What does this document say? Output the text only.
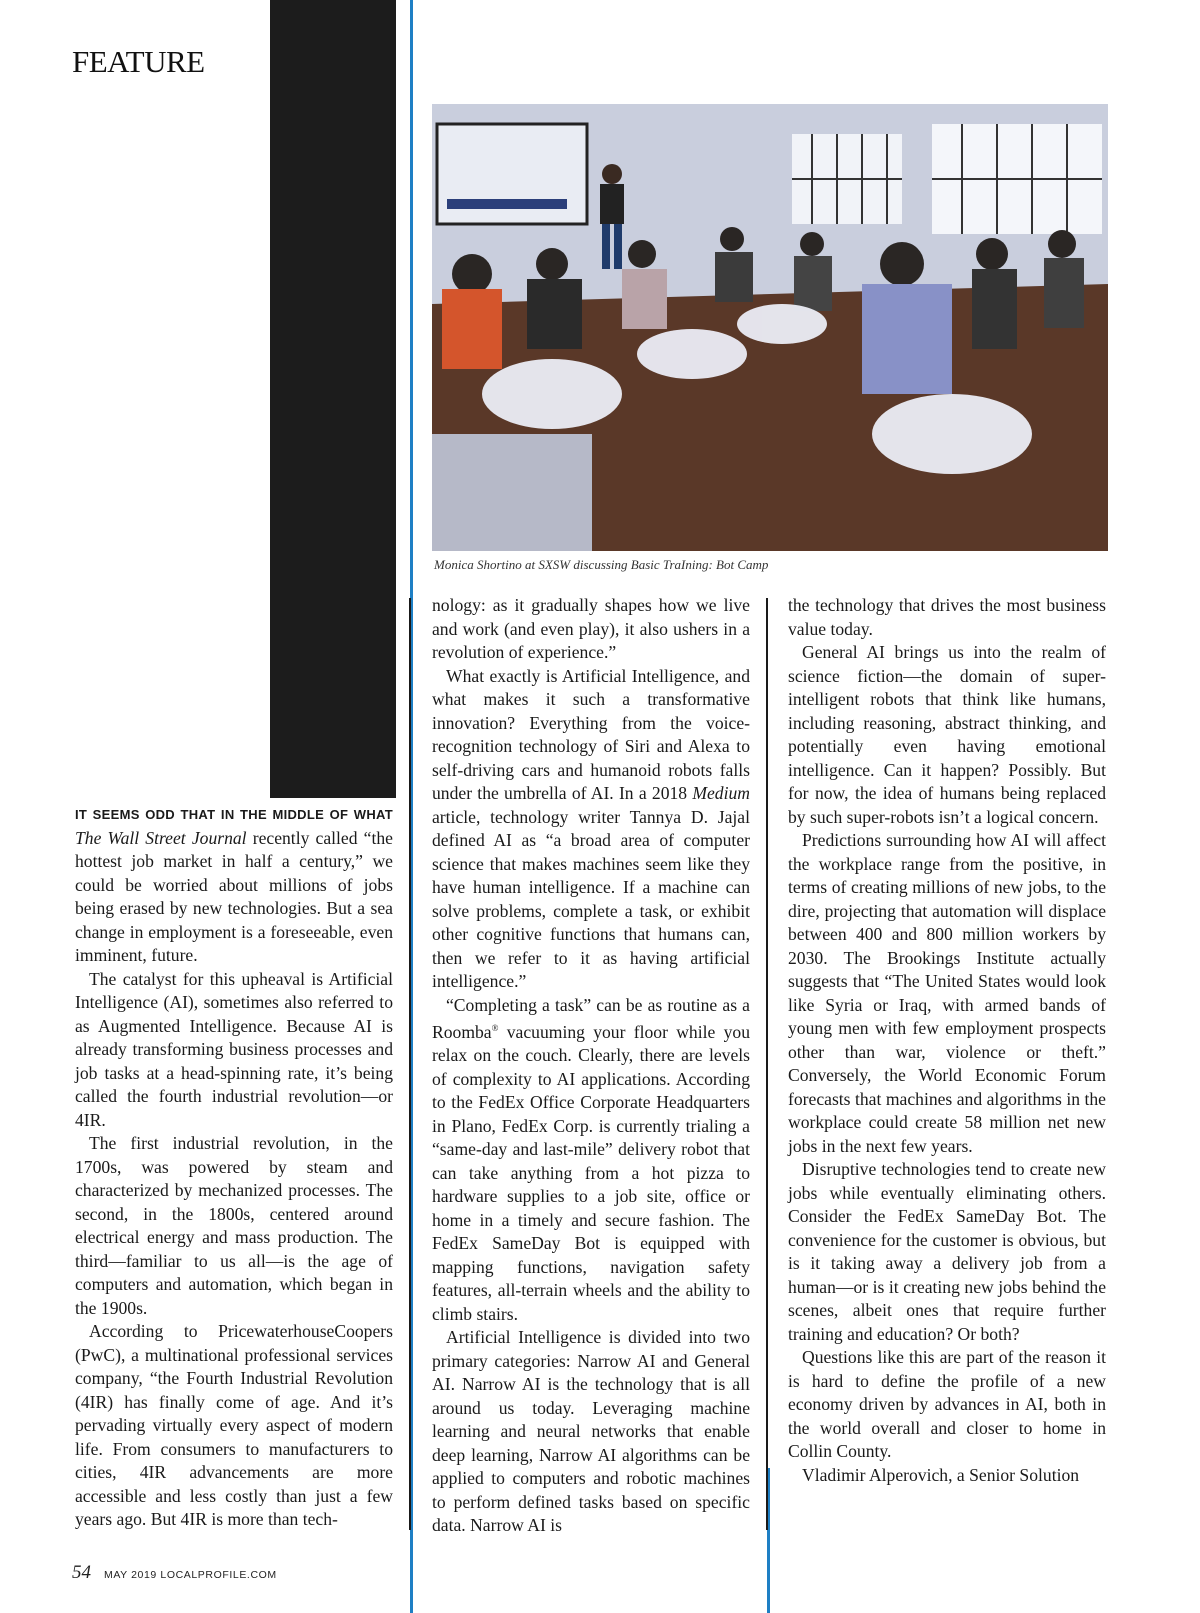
FEATURE
Monica Shortino at SXSW discussing Basic TraIning: Bot Camp

IT SEEMS ODD THAT IN THE MIDDLE OF WHAT The Wall Street Journal recently called “the hottest job market in half a century,” we could be worried about millions of jobs being erased by new technologies. But a sea change in employment is a foreseeable, even imminent, future.

The catalyst for this upheaval is Artificial Intelligence (AI), sometimes also referred to as Augmented Intelligence. Because AI is already transforming business processes and job tasks at a head-spinning rate, it’s being called the fourth industrial revolution—or 4IR.

The first industrial revolution, in the 1700s, was powered by steam and characterized by mechanized processes. The second, in the 1800s, centered around electrical energy and mass production. The third—familiar to us all—is the age of computers and automation, which began in the 1900s.

According to PricewaterhouseCoopers (PwC), a multinational professional services company, “the Fourth Industrial Revolution (4IR) has finally come of age. And it’s pervading virtually every aspect of modern life. From consumers to manufacturers to cities, 4IR advancements are more accessible and less costly than just a few years ago. But 4IR is more than tech-

nology: as it gradually shapes how we live and work (and even play), it also ushers in a revolution of experience.”

What exactly is Artificial Intelligence, and what makes it such a transformative innovation? Everything from the voice-recognition technology of Siri and Alexa to self-driving cars and humanoid robots falls under the umbrella of AI. In a 2018 Medium article, technology writer Tannya D. Jajal defined AI as “a broad area of computer science that makes machines seem like they have human intelligence. If a machine can solve problems, complete a task, or exhibit other cognitive functions that humans can, then we refer to it as having artificial intelligence.”

“Completing a task” can be as routine as a Roomba® vacuuming your floor while you relax on the couch. Clearly, there are levels of complexity to AI applications. According to the FedEx Office Corporate Headquarters in Plano, FedEx Corp. is currently trialing a “same-day and last-mile” delivery robot that can take anything from a hot pizza to hardware supplies to a job site, office or home in a timely and secure fashion. The FedEx SameDay Bot is equipped with mapping functions, navigation safety features, all-terrain wheels and the ability to climb stairs.

Artificial Intelligence is divided into two primary categories: Narrow AI and General AI. Narrow AI is the technology that is all around us today. Leveraging machine learning and neural networks that enable deep learning, Narrow AI algorithms can be applied to computers and robotic machines to perform defined tasks based on specific data. Narrow AI is

the technology that drives the most business value today.

General AI brings us into the realm of science fiction—the domain of super-intelligent robots that think like humans, including reasoning, abstract thinking, and potentially even having emotional intelligence. Can it happen? Possibly. But for now, the idea of humans being replaced by such super-robots isn’t a logical concern.

Predictions surrounding how AI will affect the workplace range from the positive, in terms of creating millions of new jobs, to the dire, projecting that automation will displace between 400 and 800 million workers by 2030. The Brookings Institute actually suggests that “The United States would look like Syria or Iraq, with armed bands of young men with few employment prospects other than war, violence or theft.” Conversely, the World Economic Forum forecasts that machines and algorithms in the workplace could create 58 million net new jobs in the next few years.

Disruptive technologies tend to create new jobs while eventually eliminating others. Consider the FedEx SameDay Bot. The convenience for the customer is obvious, but is it taking away a delivery job from a human—or is it creating new jobs behind the scenes, albeit ones that require further training and education? Or both?

Questions like this are part of the reason it is hard to define the profile of a new economy driven by advances in AI, both in the world overall and closer to home in Collin County.

Vladimir Alperovich, a Senior Solution

54 MAY 2019 LOCALPROFILE.COM
